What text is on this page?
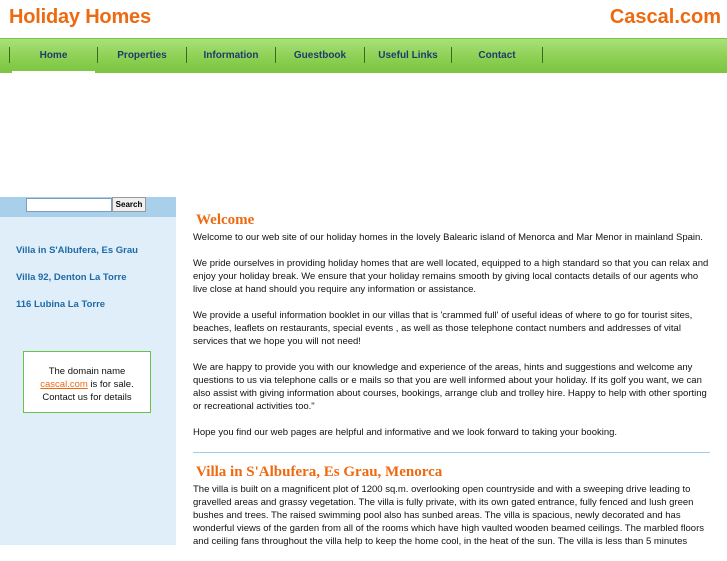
Holiday Homes	Cascal.com
Home	Properties	Information	Guestbook	Useful Links	Contact
Search
Villa in S'Albufera, Es Grau
Villa 92, Denton La Torre
116 Lubina La Torre
The domain name
cascal.com is for sale.
Contact us for details
Welcome

Welcome to our web site of our holiday homes in the lovely Balearic island of Menorca and Mar Menor in mainland Spain.

We pride ourselves in providing holiday homes that are well located, equipped to a high standard so that you can relax and enjoy your holiday break. We ensure that your holiday remains smooth by giving local contacts details of our agents who live close at hand should you require any information or assistance.

We provide a useful information booklet in our villas that is 'crammed full' of useful ideas of where to go for tourist sites, beaches, leaflets on restaurants, special events , as well as those telephone contact numbers and addresses of vital services that we hope you will not need!

We are happy to provide you with our knowledge and experience of the areas, hints and suggestions and welcome any questions to us via telephone calls or e mails so that you are well informed about your holiday. If its golf you want, we can also assist with giving information about courses, bookings, arrange club and trolley hire. Happy to help with other sporting or recreational activities too."

Hope you find our web pages are helpful and informative and we look forward to taking your booking.

Villa in S'Albufera, Es Grau, Menorca

The villa is built on a magnificent plot of 1200 sq.m. overlooking open countryside and with a sweeping drive leading to gravelled areas and grassy vegetation. The villa is fully private, with its own gated entrance, fully fenced and lush green bushes and trees. The raised swimming pool also has sunbed areas. The villa is spacious, newly decorated and has wonderful views of the garden from all of the rooms which have high vaulted wooden beamed ceilings. The marbled floors and ceiling fans throughout the villa help to keep the home cool, in the heat of the sun. The villa is less than 5 minutes
